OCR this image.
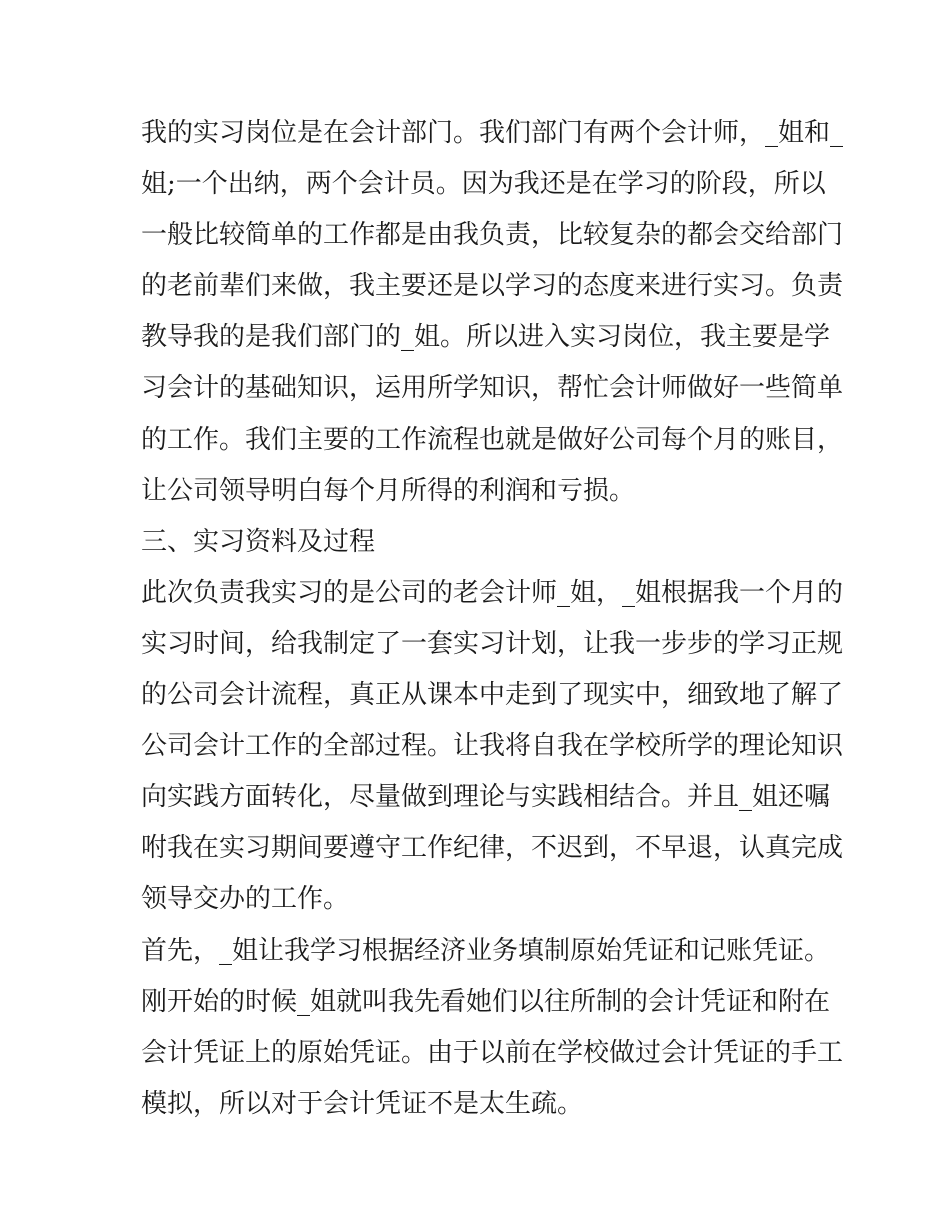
我的实习岗位是在会计部门。我们部门有两个会计师，_姐和_
姐;一个出纳，两个会计员。因为我还是在学习的阶段，所以
一般比较简单的工作都是由我负责，比较复杂的都会交给部门
的老前辈们来做，我主要还是以学习的态度来进行实习。负责
教导我的是我们部门的_姐。所以进入实习岗位，我主要是学
习会计的基础知识，运用所学知识，帮忙会计师做好一些简单
的工作。我们主要的工作流程也就是做好公司每个月的账目，
让公司领导明白每个月所得的利润和亏损。
三、实习资料及过程
此次负责我实习的是公司的老会计师_姐，_姐根据我一个月的
实习时间，给我制定了一套实习计划，让我一步步的学习正规
的公司会计流程，真正从课本中走到了现实中，细致地了解了
公司会计工作的全部过程。让我将自我在学校所学的理论知识
向实践方面转化，尽量做到理论与实践相结合。并且_姐还嘱
咐我在实习期间要遵守工作纪律，不迟到，不早退，认真完成
领导交办的工作。
首先，_姐让我学习根据经济业务填制原始凭证和记账凭证。
刚开始的时候_姐就叫我先看她们以往所制的会计凭证和附在
会计凭证上的原始凭证。由于以前在学校做过会计凭证的手工
模拟，所以对于会计凭证不是太生疏。
